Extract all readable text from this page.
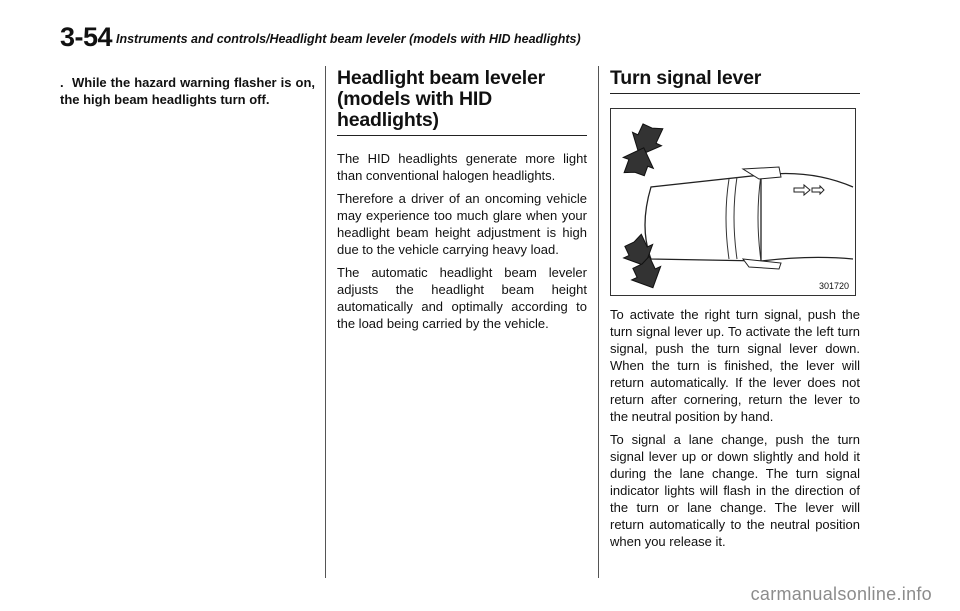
3-54 Instruments and controls/Headlight beam leveler (models with HID headlights)

. While the hazard warning flasher is on, the high beam headlights turn off.

Headlight beam leveler (models with HID headlights)

The HID headlights generate more light than conventional halogen headlights.

Therefore a driver of an oncoming vehicle may experience too much glare when your headlight beam height adjustment is high due to the vehicle carrying heavy load.

The automatic headlight beam leveler adjusts the headlight beam height automatically and optimally according to the load being carried by the vehicle.

Turn signal lever
301720

To activate the right turn signal, push the turn signal lever up. To activate the left turn signal, push the turn signal lever down. When the turn is finished, the lever will return automatically. If the lever does not return after cornering, return the lever to the neutral position by hand.

To signal a lane change, push the turn signal lever up or down slightly and hold it during the lane change. The turn signal indicator lights will flash in the direction of the turn or lane change. The lever will return automatically to the neutral position when you release it.

carmanualsonline.info
